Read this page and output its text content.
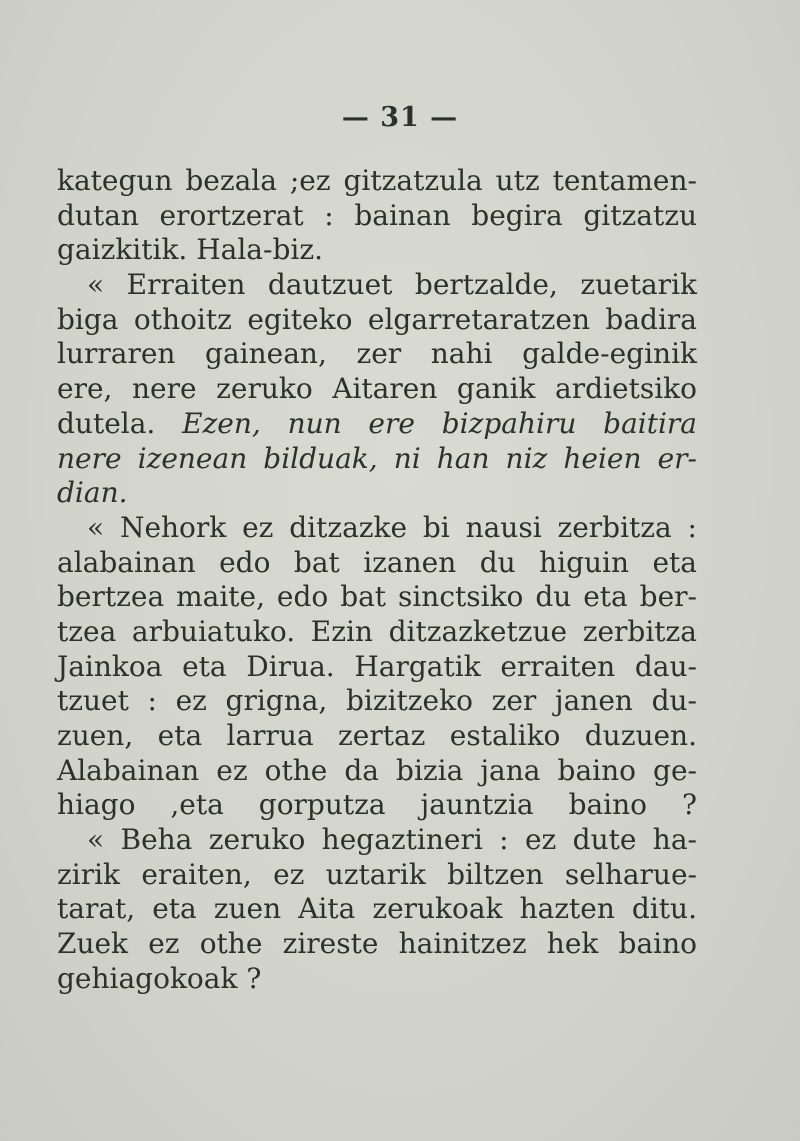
— 31 —
kategun bezala ;ez gitzatzula utz tentamen-
dutan erortzerat : bainan begira gitzatzu
gaizkitik. Hala-biz.
« Erraiten dautzuet bertzalde, zuetarik
biga othoitz egiteko elgarretaratzen badira
lurraren gainean, zer nahi galde-eginik
ere, nere zeruko Aitaren ganik ardietsiko
dutela. Ezen, nun ere bizpahiru baitira
nere izenean bilduak, ni han niz heien er-
dian.
« Nehork ez ditzazke bi nausi zerbitza :
alabainan edo bat izanen du higuin eta
bertzea maite, edo bat sinctsiko du eta ber-
tzea arbuiatuko. Ezin ditzazketzue zerbitza
Jainkoa eta Dirua. Hargatik erraiten dau-
tzuet : ez grigna, bizitzeko zer janen du-
zuen, eta larrua zertaz estaliko duzuen.
Alabainan ez othe da bizia jana baino ge-
hiago ,eta gorputza jauntzia baino ?
« Beha zeruko hegaztineri : ez dute ha-
zirik eraiten, ez uztarik biltzen selharue-
tarat, eta zuen Aita zerukoak hazten ditu.
Zuek ez othe zireste hainitzez hek baino
gehiagokoak ?
